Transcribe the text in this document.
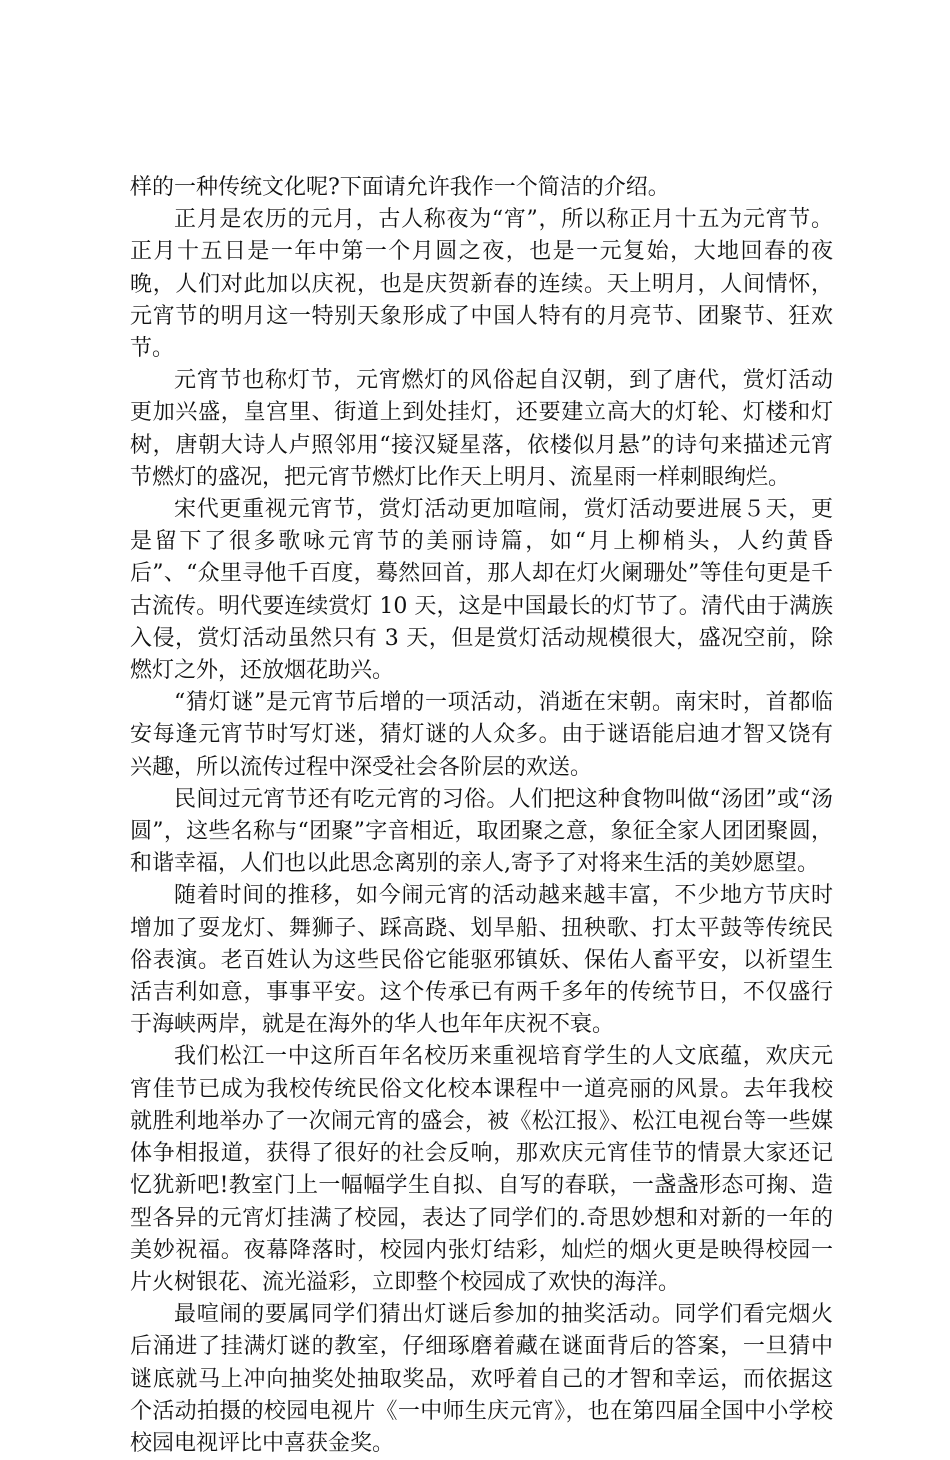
样的一种传统文化呢?下面请允许我作一个简洁的介绍。

正月是农历的元月，古人称夜为“宵”，所以称正月十五为元宵节。正月十五日是一年中第一个月圆之夜，也是一元复始，大地回春的夜晚，人们对此加以庆祝，也是庆贺新春的连续。天上明月，人间情怀，元宵节的明月这一特别天象形成了中国人特有的月亮节、团聚节、狂欢节。

元宵节也称灯节，元宵燃灯的风俗起自汉朝，到了唐代，赏灯活动更加兴盛，皇宫里、街道上到处挂灯，还要建立高大的灯轮、灯楼和灯树，唐朝大诗人卢照邻用“接汉疑星落，依楼似月悬”的诗句来描述元宵节燃灯的盛况，把元宵节燃灯比作天上明月、流星雨一样刺眼绚烂。

宋代更重视元宵节，赏灯活动更加喧闹，赏灯活动要进展５天，更是留下了很多歌咏元宵节的美丽诗篇，如“月上柳梢头，人约黄昏后”、“众里寻他千百度，蓦然回首，那人却在灯火阑珊处”等佳句更是千古流传。明代要连续赏灯 10 天，这是中国最长的灯节了。清代由于满族入侵，赏灯活动虽然只有 3 天，但是赏灯活动规模很大，盛况空前，除燃灯之外，还放烟花助兴。

“猜灯谜”是元宵节后增的一项活动，消逝在宋朝。南宋时，首都临安每逢元宵节时写灯迷，猜灯谜的人众多。由于谜语能启迪才智又饶有兴趣，所以流传过程中深受社会各阶层的欢送。

民间过元宵节还有吃元宵的习俗。人们把这种食物叫做“汤团”或“汤圆”，这些名称与“团聚”字音相近，取团聚之意，象征全家人团团聚圆，和谐幸福，人们也以此思念离别的亲人,寄予了对将来生活的美妙愿望。

随着时间的推移，如今闹元宵的活动越来越丰富，不少地方节庆时增加了耍龙灯、舞狮子、踩高跷、划旱船、扭秧歌、打太平鼓等传统民俗表演。老百姓认为这些民俗它能驱邪镇妖、保佑人畜平安，以祈望生活吉利如意，事事平安。这个传承已有两千多年的传统节日，不仅盛行于海峡两岸，就是在海外的华人也年年庆祝不衰。

我们松江一中这所百年名校历来重视培育学生的人文底蕴，欢庆元宵佳节已成为我校传统民俗文化校本课程中一道亮丽的风景。去年我校就胜利地举办了一次闹元宵的盛会，被《松江报》、松江电视台等一些媒体争相报道，获得了很好的社会反响，那欢庆元宵佳节的情景大家还记忆犹新吧!教室门上一幅幅学生自拟、自写的春联，一盏盏形态可掬、造型各异的元宵灯挂满了校园，表达了同学们的.奇思妙想和对新的一年的美妙祝福。夜幕降落时，校园内张灯结彩，灿烂的烟火更是映得校园一片火树银花、流光溢彩，立即整个校园成了欢快的海洋。

最喧闹的要属同学们猜出灯谜后参加的抽奖活动。同学们看完烟火后涌进了挂满灯谜的教室，仔细琢磨着藏在谜面背后的答案，一旦猜中谜底就马上冲向抽奖处抽取奖品，欢呼着自己的才智和幸运，而依据这个活动拍摄的校园电视片《一中师生庆元宵》，也在第四届全国中小学校校园电视评比中喜获金奖。
